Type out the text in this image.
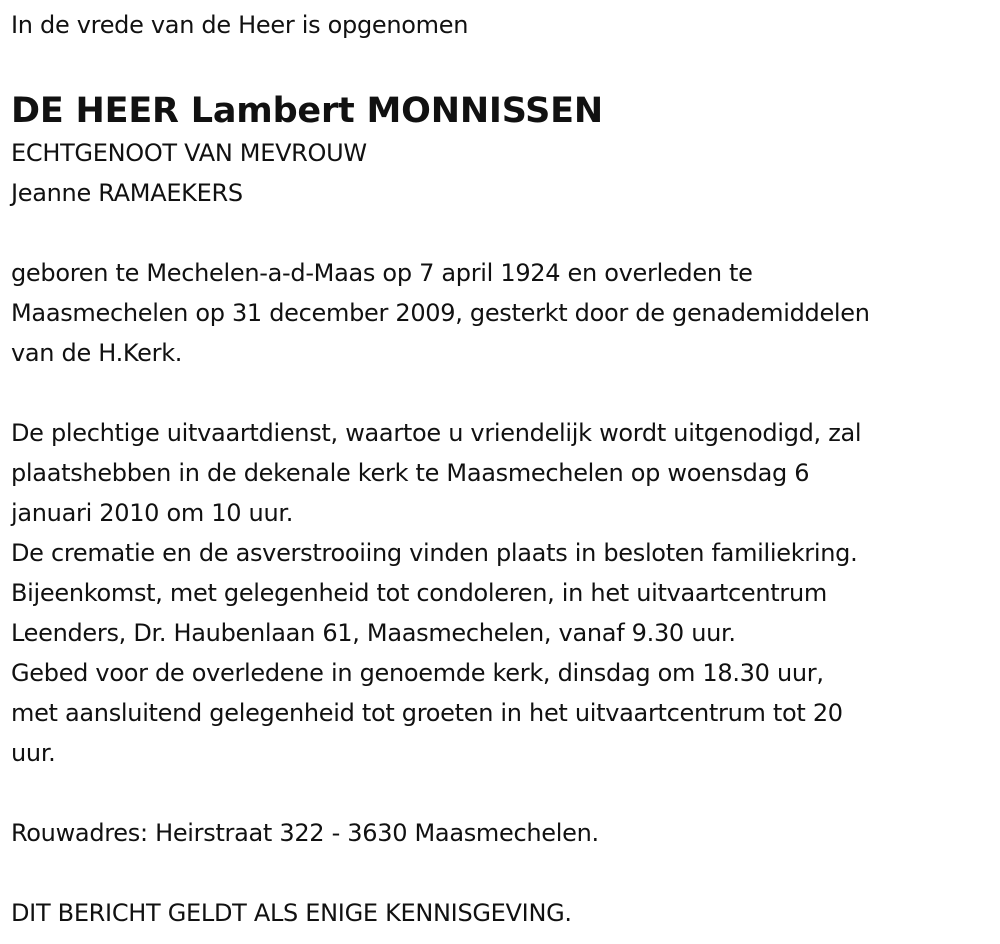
In de vrede van de Heer is opgenomen
DE HEER Lambert MONNISSEN
ECHTGENOOT VAN MEVROUW
Jeanne RAMAEKERS
geboren te Mechelen-a-d-Maas op 7 april 1924 en overleden te
Maasmechelen op 31 december 2009, gesterkt door de genademiddelen
van de H.Kerk.
De plechtige uitvaartdienst, waartoe u vriendelijk wordt uitgenodigd, zal
plaatshebben in de dekenale kerk te Maasmechelen op woensdag 6
januari 2010 om 10 uur.
De crematie en de asverstrooiing vinden plaats in besloten familiekring.
Bijeenkomst, met gelegenheid tot condoleren, in het uitvaartcentrum
Leenders, Dr. Haubenlaan 61, Maasmechelen, vanaf 9.30 uur.
Gebed voor de overledene in genoemde kerk, dinsdag om 18.30 uur,
met aansluitend gelegenheid tot groeten in het uitvaartcentrum tot 20
uur.
Rouwadres: Heirstraat 322 - 3630 Maasmechelen.
DIT BERICHT GELDT ALS ENIGE KENNISGEVING.
